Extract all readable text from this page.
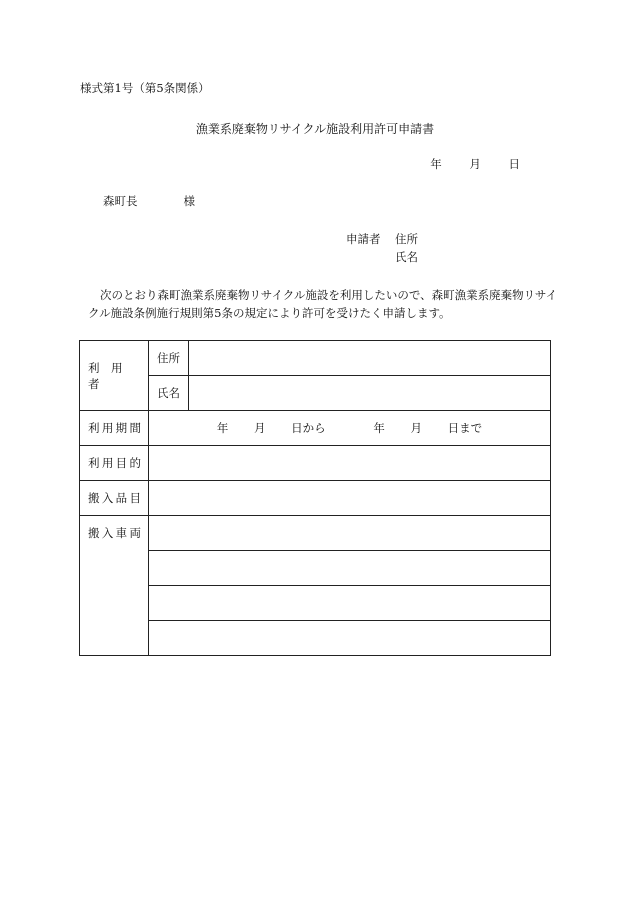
様式第1号（第5条関係）
漁業系廃棄物リサイクル施設利用許可申請書
年 月 日
森町長	様
申請者 住所
氏名
次のとおり森町漁業系廃棄物リサイクル施設を利用したいので、森町漁業系廃棄物リサイクル施設条例施行規則第5条の規定により許可を受けたく申請します。
利　用　者	住所	
	氏名	
利用期間	年 月 日から 年 月 日まで	
利用目的		
搬入品目		
搬入車両		
